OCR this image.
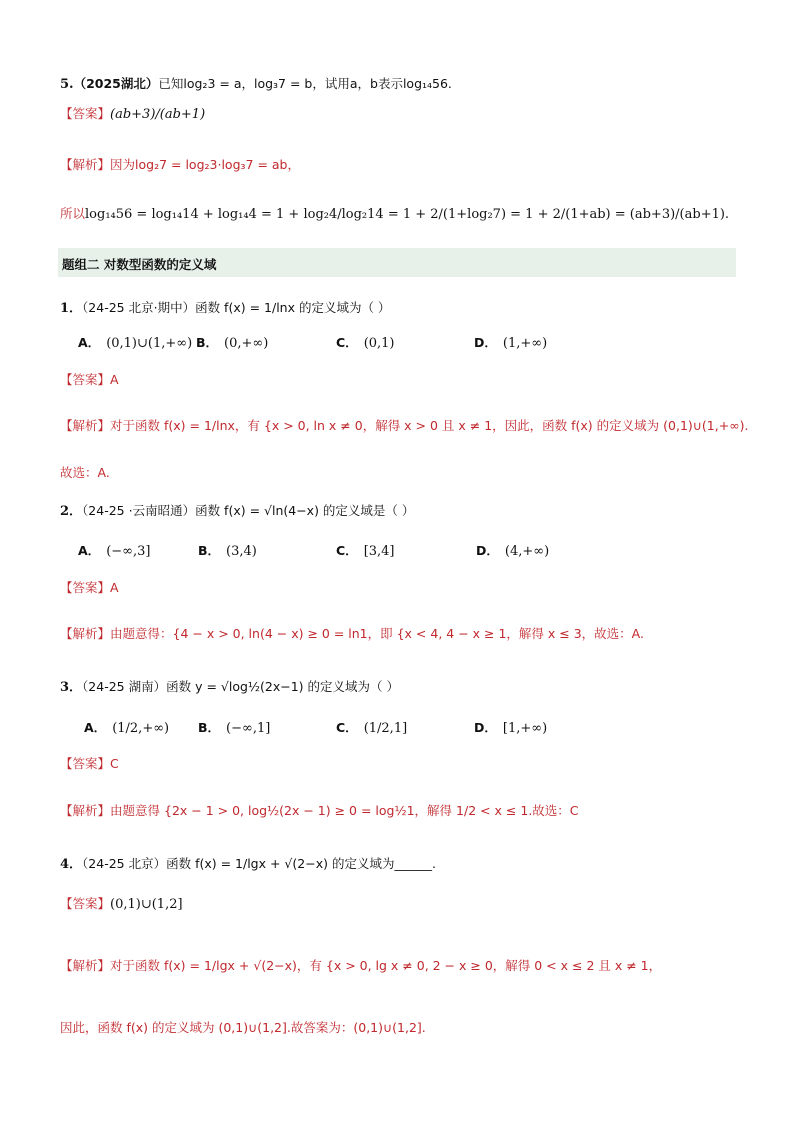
5.（2025湖北）已知log₂3 = a，log₃7 = b，试用a，b表示log₁₄56.
【答案】(ab+3)/(ab+1)
【解析】因为log₂7 = log₂3·log₃7 = ab，
所以log₁₄56 = log₁₄14 + log₁₄4 = 1 + log₂4/log₂14 = 1 + 2/(1+log₂7) = 1 + 2/(1+ab) = (ab+3)/(ab+1).
题组二 对数型函数的定义域
1．（24-25 北京·期中）函数 f(x) = 1/lnx 的定义域为（ ）
A． (0,1)∪(1,+∞) B． (0,+∞)	C． (0,1)	D． (1,+∞)
【答案】A
【解析】对于函数 f(x) = 1/lnx，有 {x > 0, ln x ≠ 0，解得 x > 0 且 x ≠ 1，因此，函数 f(x) 的定义域为 (0,1)∪(1,+∞).
故选：A.
2．（24-25 ·云南昭通）函数 f(x) = √ln(4−x) 的定义域是（ ）
A． (−∞,3]	B． (3,4)	C． [3,4]	D． (4,+∞)
【答案】A
【解析】由题意得：{4 − x > 0, ln(4 − x) ≥ 0 = ln1，即 {x < 4, 4 − x ≥ 1，解得 x ≤ 3，故选：A.
3．（24-25 湖南）函数 y = √log½(2x−1) 的定义域为（ ）
A． (1/2,+∞) B． (−∞,1]	C． (1/2,1]	D． [1,+∞)
【答案】C
【解析】由题意得 {2x − 1 > 0, log½(2x − 1) ≥ 0 = log½1，解得 1/2 < x ≤ 1.故选：C
4．（24-25 北京）函数 f(x) = 1/lgx + √(2−x) 的定义域为______.
【答案】(0,1)∪(1,2]
【解析】对于函数 f(x) = 1/lgx + √(2−x)，有 {x > 0, lg x ≠ 0, 2 − x ≥ 0，解得 0 < x ≤ 2 且 x ≠ 1，
因此，函数 f(x) 的定义域为 (0,1)∪(1,2].故答案为：(0,1)∪(1,2].
